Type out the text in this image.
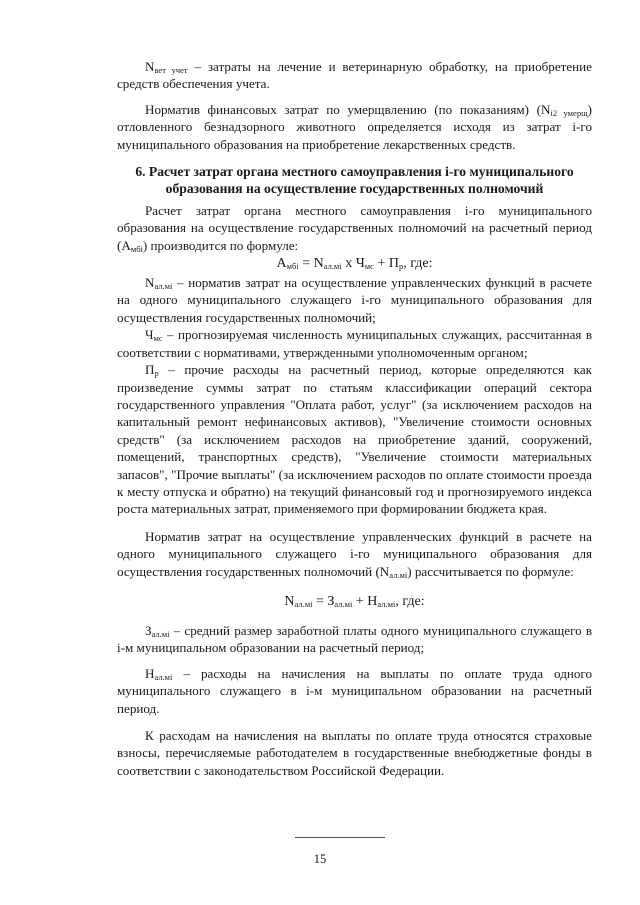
$N_{вет учет}$ – затраты на лечение и ветеринарную обработку, на приобретение средств обеспечения учета.

Норматив финансовых затрат по умерщвлению (по показаниям) $(N_{i2 умерщ})$ отловленного безнадзорного животного определяется исходя из затрат i-го муниципального образования на приобретение лекарственных средств.

6. Расчет затрат органа местного самоуправления i-го муниципального образования на осуществление государственных полномочий

Расчет затрат органа местного самоуправления i-го муниципального образования на осуществление государственных полномочий на расчетный период $(A_{мбi})$ производится по формуле:

$A_{мбi} = N_{ал.мi}$ x $Ч_{мс} + П_р$, где:

$N_{ал.мi}$ – норматив затрат на осуществление управленческих функций в расчете на одного муниципального служащего i-го муниципального образования для осуществления государственных полномочий;

$Ч_{мс}$ – прогнозируемая численность муниципальных служащих, рассчитанная в соответствии с нормативами, утвержденными уполномоченным органом;

$П_р$ – прочие расходы на расчетный период, которые определяются как произведение суммы затрат по статьям классификации операций сектора государственного управления "Оплата работ, услуг" (за исключением расходов на капитальный ремонт нефинансовых активов), "Увеличение стоимости основных средств" (за исключением расходов на приобретение зданий, сооружений, помещений, транспортных средств), "Увеличение стоимости материальных запасов", "Прочие выплаты" (за исключением расходов по оплате стоимости проезда к месту отпуска и обратно) на текущий финансовый год и прогнозируемого индекса роста материальных затрат, применяемого при формировании бюджета края.

Норматив затрат на осуществление управленческих функций в расчете на одного муниципального служащего i-го муниципального образования для осуществления государственных полномочий $(N_{ал.мi})$ рассчитывается по формуле:

$N_{ал.мi} = З_{ал.мi} + Н_{ал.мi}$, где:

$З_{ал.мi}$ – средний размер заработной платы одного муниципального служащего в i-м муниципальном образовании на расчетный период;

$Н_{ал.мi}$ – расходы на начисления на выплаты по оплате труда одного муниципального служащего в i-м муниципальном образовании на расчетный период.

К расходам на начисления на выплаты по оплате труда относятся страховые взносы, перечисляемые работодателем в государственные внебюджетные фонды в соответствии с законодательством Российской Федерации.

15
